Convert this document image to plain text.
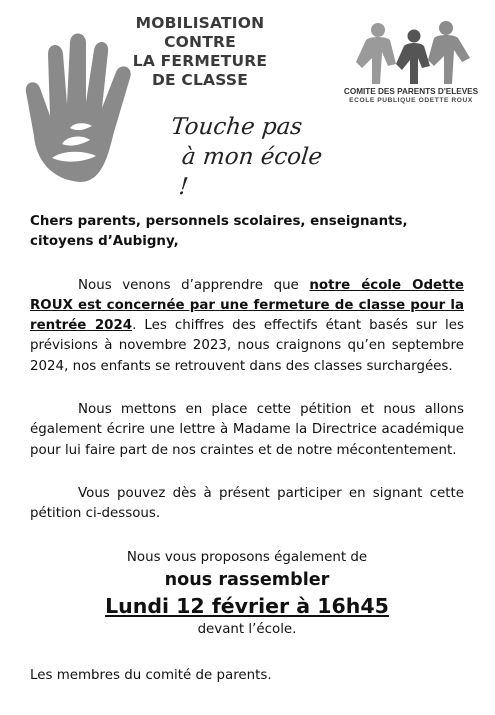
MOBILISATION CONTRE
LA FERMETURE
DE CLASSE
Touche pas
à mon école !
COMITE DES PARENTS D'ELEVES
ECOLE PUBLIQUE ODETTE ROUX

Chers parents, personnels scolaires, enseignants, citoyens d’Aubigny,

Nous venons d’apprendre que notre école Odette ROUX est concernée par une fermeture de classe pour la rentrée 2024. Les chiffres des effectifs étant basés sur les prévisions à novembre 2023, nous craignons qu’en septembre 2024, nos enfants se retrouvent dans des classes surchargées.

Nous mettons en place cette pétition et nous allons également écrire une lettre à Madame la Directrice académique pour lui faire part de nos craintes et de notre mécontentement.

Vous pouvez dès à présent participer en signant cette pétition ci-dessous.

Nous vous proposons également de

nous rassembler

Lundi 12 février à 16h45

devant l’école.

Les membres du comité de parents.
